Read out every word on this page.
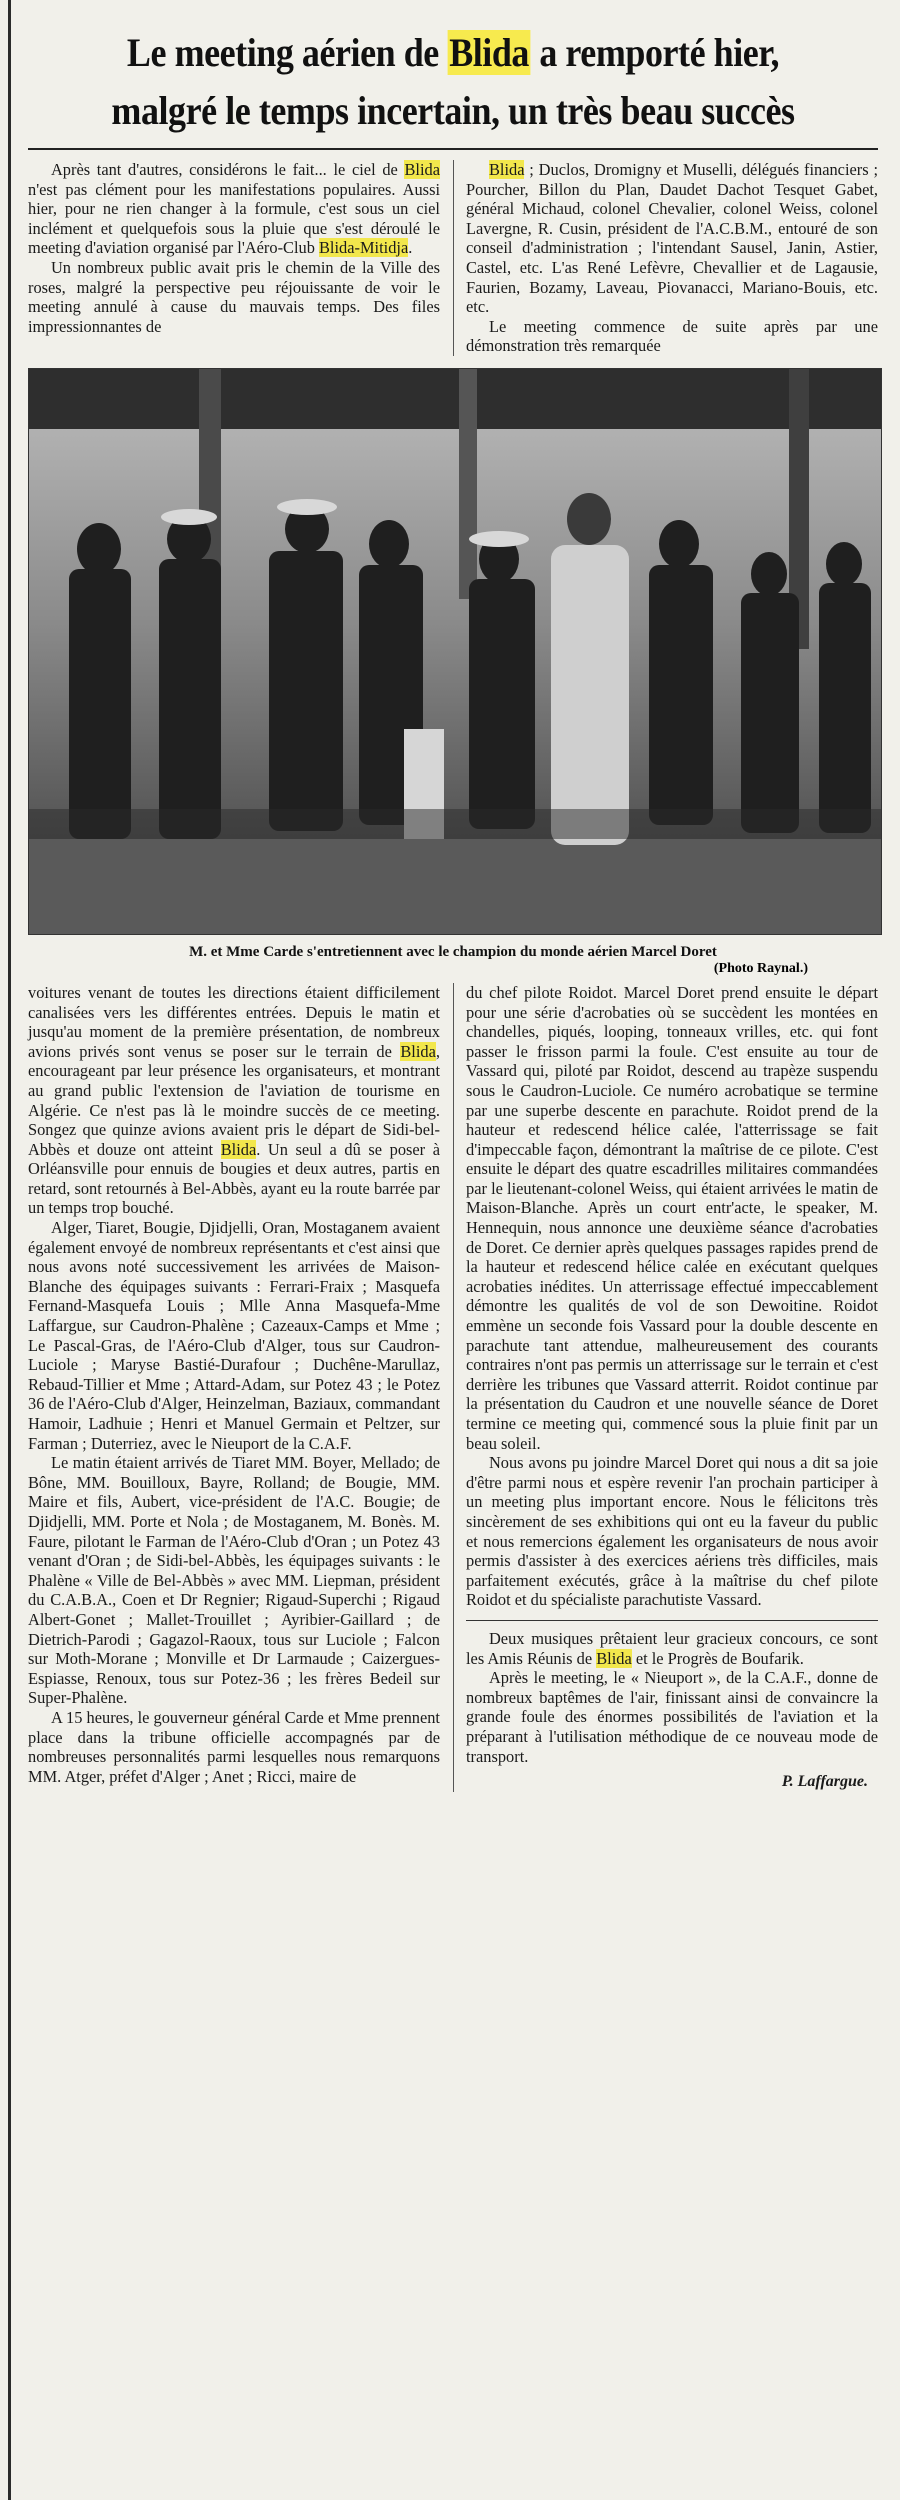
Le meeting aérien de Blida a remporté hier,
malgré le temps incertain, un très beau succès

Après tant d'autres, considérons le fait... le ciel de Blida n'est pas clément pour les manifestations populaires. Aussi hier, pour ne rien changer à la formule, c'est sous un ciel inclément et quelquefois sous la pluie que s'est déroulé le meeting d'aviation organisé par l'Aéro-Club Blida-Mitidja.

Un nombreux public avait pris le chemin de la Ville des roses, malgré la perspective peu réjouissante de voir le meeting annulé à cause du mauvais temps. Des files impressionnantes de

Blida ; Duclos, Dromigny et Muselli, délégués financiers ; Pourcher, Billon du Plan, Daudet Dachot Tesquet Gabet, général Michaud, colonel Chevalier, colonel Weiss, colonel Lavergne, R. Cusin, président de l'A.C.B.M., entouré de son conseil d'administration ; l'intendant Sausel, Janin, Astier, Castel, etc. L'as René Lefèvre, Chevallier et de Lagausie, Faurien, Bozamy, Laveau, Piovanacci, Mariano-Bouis, etc. etc.

Le meeting commence de suite après par une démonstration très remarquée

M. et Mme Carde s'entretiennent avec le champion du monde aérien Marcel Doret
(Photo Raynal.)

voitures venant de toutes les directions étaient difficilement canalisées vers les différentes entrées. Depuis le matin et jusqu'au moment de la première présentation, de nombreux avions privés sont venus se poser sur le terrain de Blida, encourageant par leur présence les organisateurs, et montrant au grand public l'extension de l'aviation de tourisme en Algérie. Ce n'est pas là le moindre succès de ce meeting. Songez que quinze avions avaient pris le départ de Sidi-bel-Abbès et douze ont atteint Blida. Un seul a dû se poser à Orléansville pour ennuis de bougies et deux autres, partis en retard, sont retournés à Bel-Abbès, ayant eu la route barrée par un temps trop bouché.

Alger, Tiaret, Bougie, Djidjelli, Oran, Mostaganem avaient également envoyé de nombreux représentants et c'est ainsi que nous avons noté successivement les arrivées de Maison-Blanche des équipages suivants : Ferrari-Fraix ; Masquefa Fernand-Masquefa Louis ; Mlle Anna Masquefa-Mme Laffargue, sur Caudron-Phalène ; Cazeaux-Camps et Mme ; Le Pascal-Gras, de l'Aéro-Club d'Alger, tous sur Caudron-Luciole ; Maryse Bastié-Durafour ; Duchêne-Marullaz, Rebaud-Tillier et Mme ; Attard-Adam, sur Potez 43 ; le Potez 36 de l'Aéro-Club d'Alger, Heinzelman, Baziaux, commandant Hamoir, Ladhuie ; Henri et Manuel Germain et Peltzer, sur Farman ; Duterriez, avec le Nieuport de la C.A.F.

Le matin étaient arrivés de Tiaret MM. Boyer, Mellado; de Bône, MM. Bouilloux, Bayre, Rolland; de Bougie, MM. Maire et fils, Aubert, vice-président de l'A.C. Bougie; de Djidjelli, MM. Porte et Nola ; de Mostaganem, M. Bonès. M. Faure, pilotant le Farman de l'Aéro-Club d'Oran ; un Potez 43 venant d'Oran ; de Sidi-bel-Abbès, les équipages suivants : le Phalène « Ville de Bel-Abbès » avec MM. Liepman, président du C.A.B.A., Coen et Dr Regnier; Rigaud-Superchi ; Rigaud Albert-Gonet ; Mallet-Trouillet ; Ayribier-Gaillard ; de Dietrich-Parodi ; Gagazol-Raoux, tous sur Luciole ; Falcon sur Moth-Morane ; Monville et Dr Larmaude ; Caizergues-Espiasse, Renoux, tous sur Potez-36 ; les frères Bedeil sur Super-Phalène.

A 15 heures, le gouverneur général Carde et Mme prennent place dans la tribune officielle accompagnés par de nombreuses personnalités parmi lesquelles nous remarquons MM. Atger, préfet d'Alger ; Anet ; Ricci, maire de

du chef pilote Roidot. Marcel Doret prend ensuite le départ pour une série d'acrobaties où se succèdent les montées en chandelles, piqués, looping, tonneaux vrilles, etc. qui font passer le frisson parmi la foule. C'est ensuite au tour de Vassard qui, piloté par Roidot, descend au trapèze suspendu sous le Caudron-Luciole. Ce numéro acrobatique se termine par une superbe descente en parachute. Roidot prend de la hauteur et redescend hélice calée, l'atterrissage se fait d'impeccable façon, démontrant la maîtrise de ce pilote. C'est ensuite le départ des quatre escadrilles militaires commandées par le lieutenant-colonel Weiss, qui étaient arrivées le matin de Maison-Blanche. Après un court entr'acte, le speaker, M. Hennequin, nous annonce une deuxième séance d'acrobaties de Doret. Ce dernier après quelques passages rapides prend de la hauteur et redescend hélice calée en exécutant quelques acrobaties inédites. Un atterrissage effectué impeccablement démontre les qualités de vol de son Dewoitine. Roidot emmène un seconde fois Vassard pour la double descente en parachute tant attendue, malheureusement des courants contraires n'ont pas permis un atterrissage sur le terrain et c'est derrière les tribunes que Vassard atterrit. Roidot continue par la présentation du Caudron et une nouvelle séance de Doret termine ce meeting qui, commencé sous la pluie finit par un beau soleil.

Nous avons pu joindre Marcel Doret qui nous a dit sa joie d'être parmi nous et espère revenir l'an prochain participer à un meeting plus important encore. Nous le félicitons très sincèrement de ses exhibitions qui ont eu la faveur du public et nous remercions également les organisateurs de nous avoir permis d'assister à des exercices aériens très difficiles, mais parfaitement exécutés, grâce à la maîtrise du chef pilote Roidot et du spécialiste parachutiste Vassard.

Deux musiques prêtaient leur gracieux concours, ce sont les Amis Réunis de Blida et le Progrès de Boufarik.

Après le meeting, le « Nieuport », de la C.A.F., donne de nombreux baptêmes de l'air, finissant ainsi de convaincre la grande foule des énormes possibilités de l'aviation et la préparant à l'utilisation méthodique de ce nouveau mode de transport.

P. Laffargue.
